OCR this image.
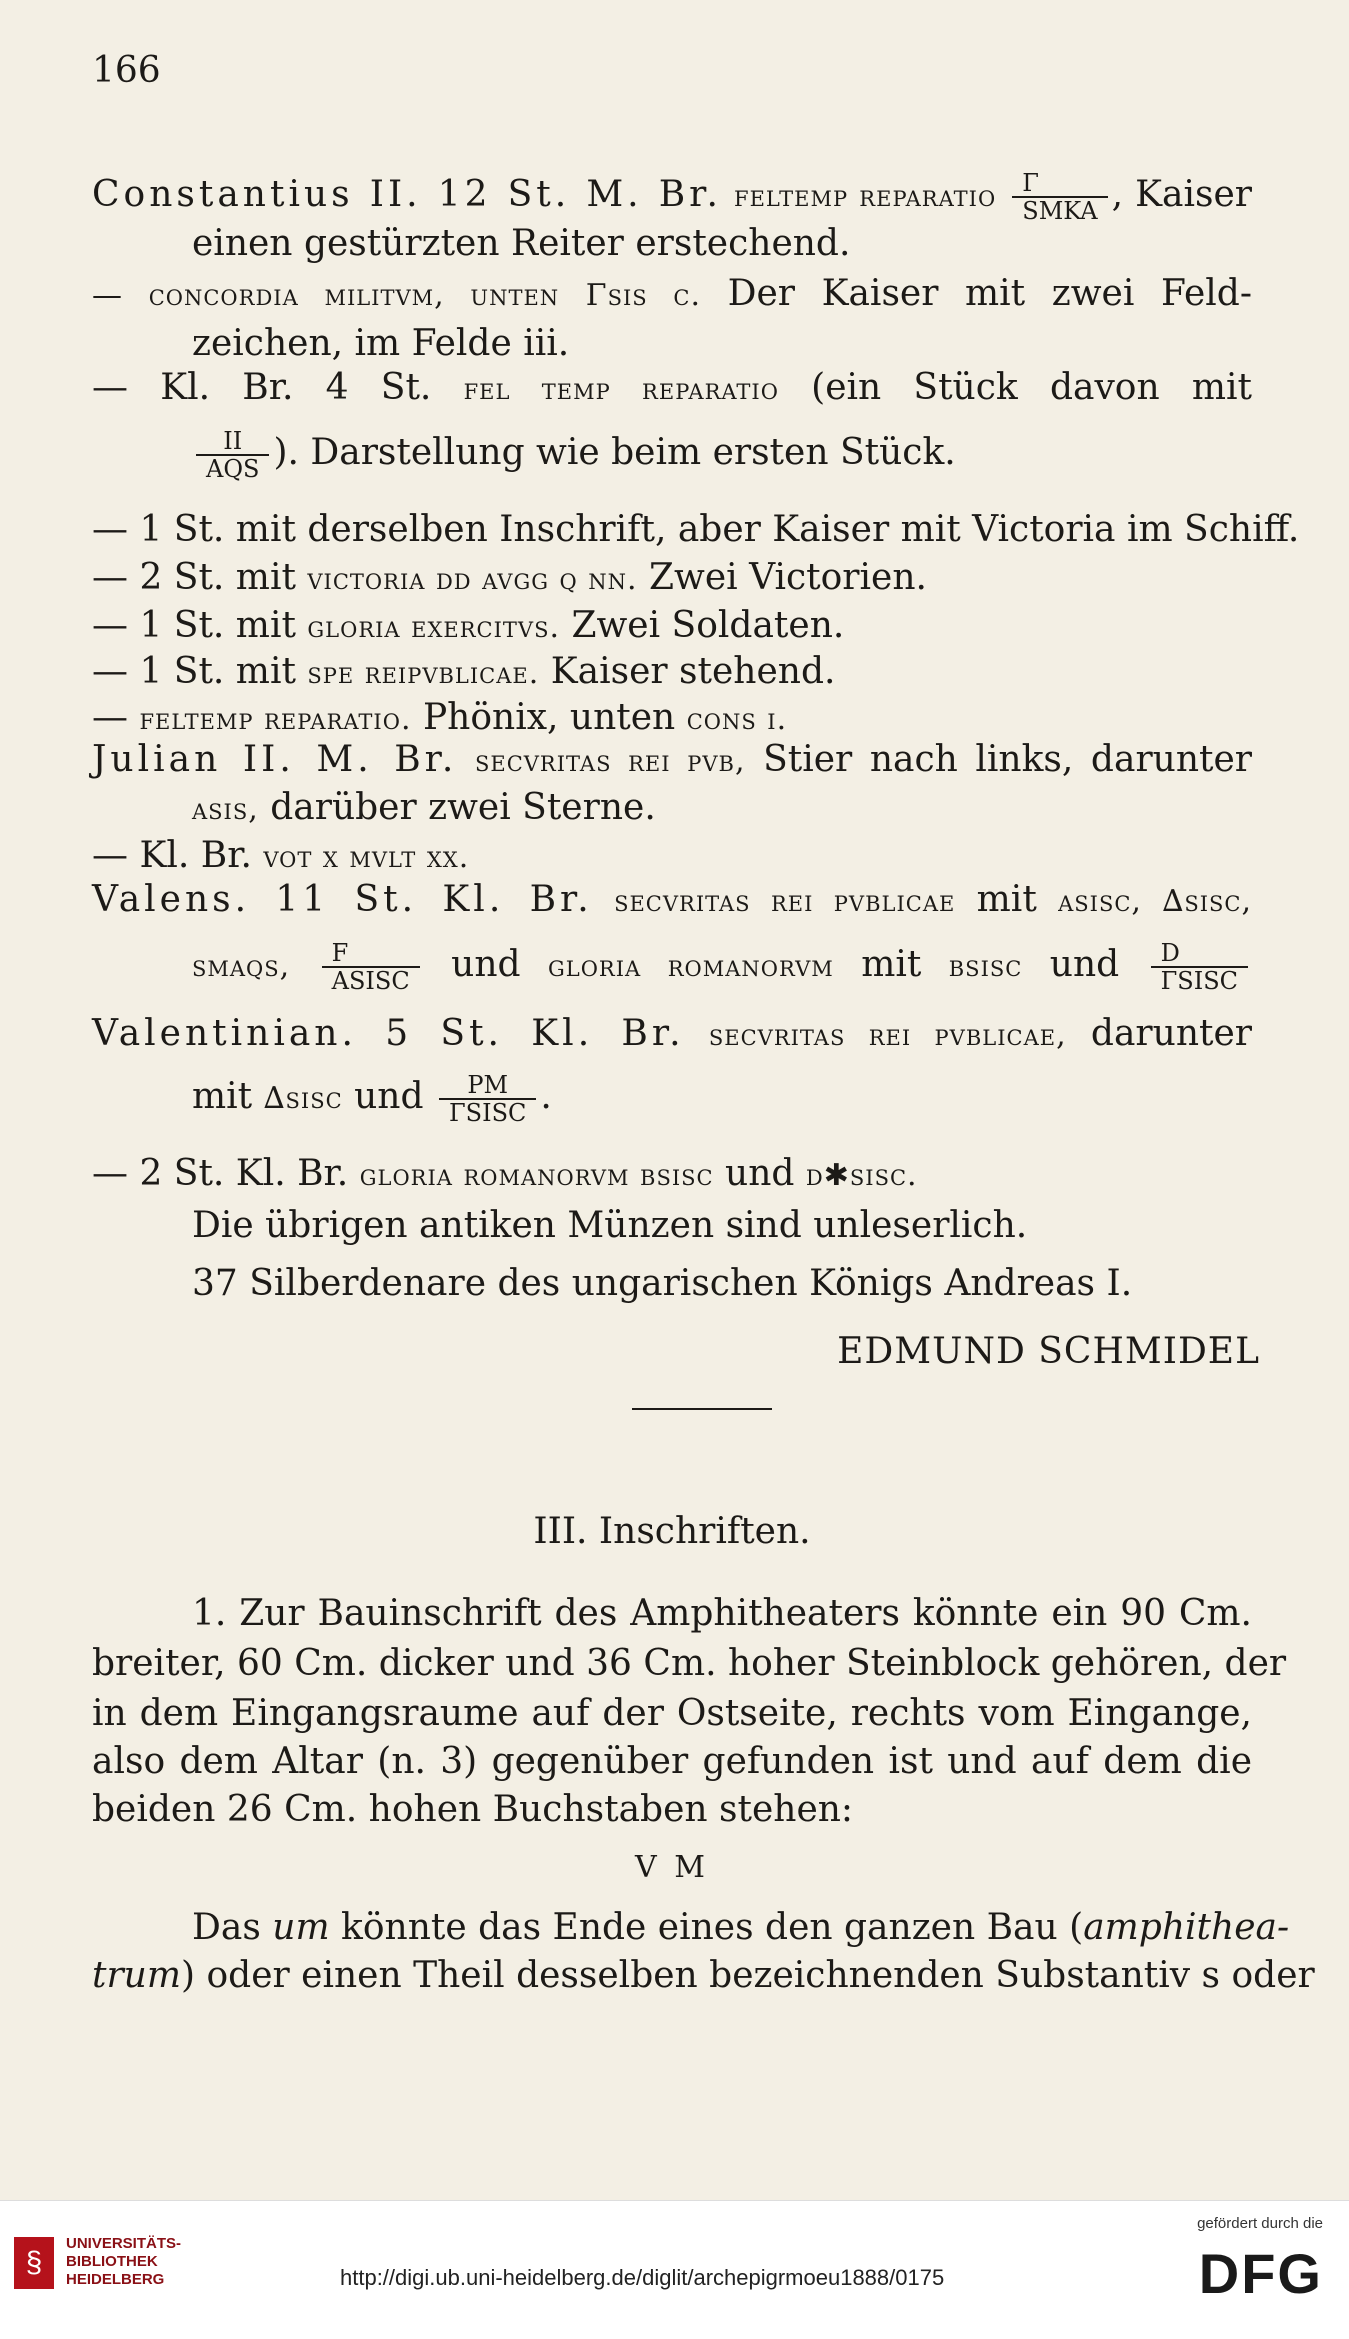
166
Constantius II. 12 St. M. Br. feltemp reparatio $\frac{\Gamma}{\text{SMKA}}$ , Kaiser
einen gestürzten Reiter erstechend.
— concordia militvm, unten Γsis c. Der Kaiser mit zwei Feld-
zeichen, im Felde iii.
— Kl. Br. 4 St. fel temp reparatio (ein Stück davon mit
$\frac{II}{\text{AQS}}$ ). Darstellung wie beim ersten Stück.
— 1 St. mit derselben Inschrift, aber Kaiser mit Victoria im Schiff.
— 2 St. mit victoria dd avgg q nn. Zwei Victorien.
— 1 St. mit gloria exercitvs. Zwei Soldaten.
— 1 St. mit spe reipvblicae. Kaiser stehend.
— feltemp reparatio. Phönix, unten cons i.
Julian II. M. Br. secvritas rei pvb, Stier nach links, darunter
asis, darüber zwei Sterne.
— Kl. Br. vot x mvlt xx.
Valens. 11 St. Kl. Br. secvritas rei pvblicae mit asisc, ∆sisc,
smaqs, $\frac{F}{\text{ASISC}}$ und gloria romanorvm mit bsisc und $\frac{D}{\text{ΓSISC}}$
Valentinian. 5 St. Kl. Br. secvritas rei pvblicae, darunter
mit ∆sisc und $\frac{PM}{\text{ΓSISC}}$ .
— 2 St. Kl. Br. gloria romanorvm bsisc und d✱sisc.
Die übrigen antiken Münzen sind unleserlich.
37 Silberdenare des ungarischen Königs Andreas I.
EDMUND SCHMIDEL
III. Inschriften.
1. Zur Bauinschrift des Amphitheaters könnte ein 90 Cm.
breiter, 60 Cm. dicker und 36 Cm. hoher Steinblock gehören, der
in dem Eingangsraume auf der Ostseite, rechts vom Eingange,
also dem Altar (n. 3) gegenüber gefunden ist und auf dem die
beiden 26 Cm. hohen Buchstaben stehen:
V M
Das um könnte das Ende eines den ganzen Bau (amphithea-
trum) oder einen Theil desselben bezeichnenden Substantiv s oder
§
UNIVERSITÄTS-
BIBLIOTHEK
HEIDELBERG	http://digi.ub.uni-heidelberg.de/diglit/archepigrmoeu1888/0175
gefördert durch die
DFG
